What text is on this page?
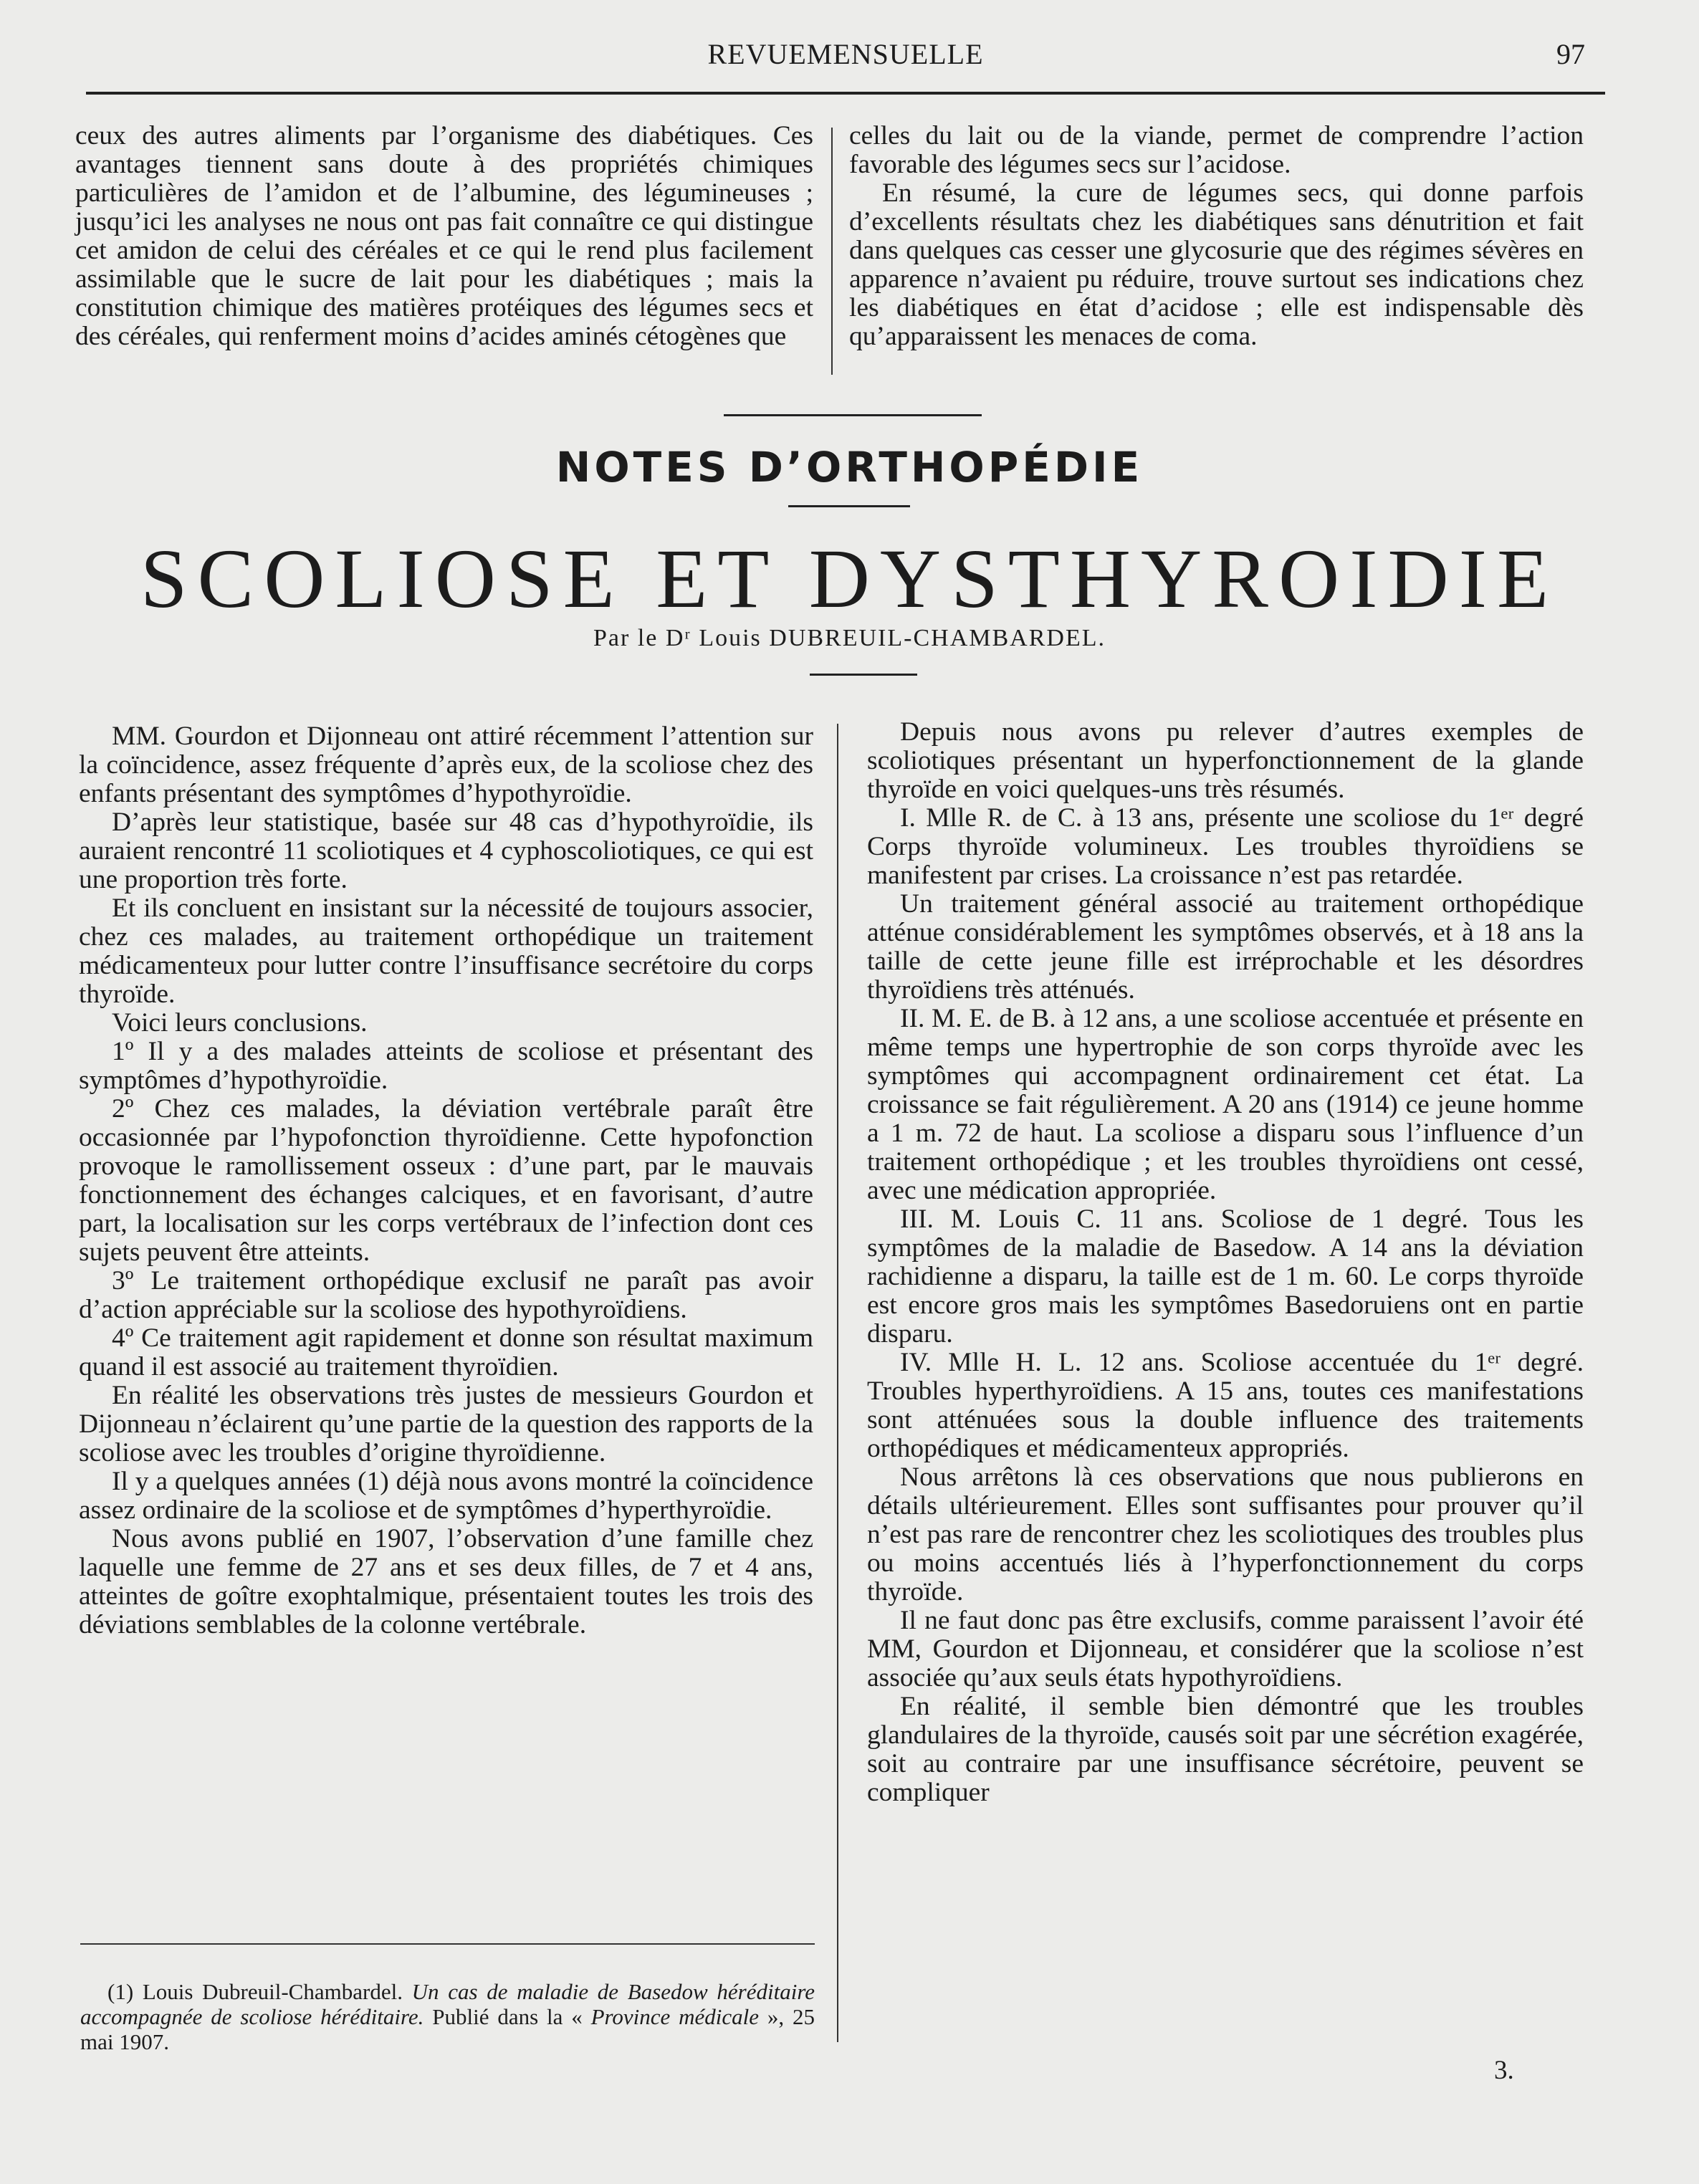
REVUEMENSUELLE	97

ceux des autres aliments par l’organisme des diabétiques. Ces avantages tiennent sans doute à des propriétés chimiques particulières de l’amidon et de l’albumine, des légumineuses ; jusqu’ici les analyses ne nous ont pas fait connaître ce qui distingue cet amidon de celui des céréales et ce qui le rend plus facilement assimilable que le sucre de lait pour les diabétiques ; mais la constitution chimique des matières protéiques des légumes secs et des céréales, qui renferment moins d’acides aminés cétogènes que

celles du lait ou de la viande, permet de comprendre l’action favorable des légumes secs sur l’acidose.

En résumé, la cure de légumes secs, qui donne parfois d’excellents résultats chez les diabétiques sans dénutrition et fait dans quelques cas cesser une glycosurie que des régimes sévères en apparence n’avaient pu réduire, trouve surtout ses indications chez les diabétiques en état d’acidose ; elle est indispensable dès qu’apparaissent les menaces de coma.

NOTES D’ORTHOPÉDIE
SCOLIOSE ET DYSTHYROIDIE
Par le Dʳ Louis DUBREUIL-CHAMBARDEL.

MM. Gourdon et Dijonneau ont attiré récemment l’attention sur la coïncidence, assez fréquente d’après eux, de la scoliose chez des enfants présentant des symptômes d’hypothyroïdie.

D’après leur statistique, basée sur 48 cas d’hypothyroïdie, ils auraient rencontré 11 scoliotiques et 4 cyphoscoliotiques, ce qui est une proportion très forte.

Et ils concluent en insistant sur la nécessité de toujours associer, chez ces malades, au traitement orthopédique un traitement médicamenteux pour lutter contre l’insuffisance secrétoire du corps thyroïde.

Voici leurs conclusions.

1º Il y a des malades atteints de scoliose et présentant des symptômes d’hypothyroïdie.

2º Chez ces malades, la déviation vertébrale paraît être occasionnée par l’hypofonction thyroïdienne. Cette hypofonction provoque le ramollissement osseux : d’une part, par le mauvais fonctionnement des échanges calciques, et en favorisant, d’autre part, la localisation sur les corps vertébraux de l’infection dont ces sujets peuvent être atteints.

3º Le traitement orthopédique exclusif ne paraît pas avoir d’action appréciable sur la scoliose des hypothyroïdiens.

4º Ce traitement agit rapidement et donne son résultat maximum quand il est associé au traitement thyroïdien.

En réalité les observations très justes de messieurs Gourdon et Dijonneau n’éclairent qu’une partie de la question des rapports de la scoliose avec les troubles d’origine thyroïdienne.

Il y a quelques années (1) déjà nous avons montré la coïncidence assez ordinaire de la scoliose et de symptômes d’hyperthyroïdie.

Nous avons publié en 1907, l’observation d’une famille chez laquelle une femme de 27 ans et ses deux filles, de 7 et 4 ans, atteintes de goître exophtalmique, présentaient toutes les trois des déviations semblables de la colonne vertébrale.

Depuis nous avons pu relever d’autres exemples de scoliotiques présentant un hyperfonctionnement de la glande thyroïde en voici quelques-uns très résumés.

I. Mlle R. de C. à 13 ans, présente une scoliose du 1ᵉʳ degré Corps thyroïde volumineux. Les troubles thyroïdiens se manifestent par crises. La croissance n’est pas retardée.

Un traitement général associé au traitement orthopédique atténue considérablement les symptômes observés, et à 18 ans la taille de cette jeune fille est irréprochable et les désordres thyroïdiens très atténués.

II. M. E. de B. à 12 ans, a une scoliose accentuée et présente en même temps une hypertrophie de son corps thyroïde avec les symptômes qui accompagnent ordinairement cet état. La croissance se fait régulièrement. A 20 ans (1914) ce jeune homme a 1 m. 72 de haut. La scoliose a disparu sous l’influence d’un traitement orthopédique ; et les troubles thyroïdiens ont cessé, avec une médication appropriée.

III. M. Louis C. 11 ans. Scoliose de 1 degré. Tous les symptômes de la maladie de Basedow. A 14 ans la déviation rachidienne a disparu, la taille est de 1 m. 60. Le corps thyroïde est encore gros mais les symptômes Basedoruiens ont en partie disparu.

IV. Mlle H. L. 12 ans. Scoliose accentuée du 1ᵉʳ degré. Troubles hyperthyroïdiens. A 15 ans, toutes ces manifestations sont atténuées sous la double influence des traitements orthopédiques et médicamenteux appropriés.

Nous arrêtons là ces observations que nous publierons en détails ultérieurement. Elles sont suffisantes pour prouver qu’il n’est pas rare de rencontrer chez les scoliotiques des troubles plus ou moins accentués liés à l’hyperfonctionnement du corps thyroïde.

Il ne faut donc pas être exclusifs, comme paraissent l’avoir été MM, Gourdon et Dijonneau, et considérer que la scoliose n’est associée qu’aux seuls états hypothyroïdiens.

En réalité, il semble bien démontré que les troubles glandulaires de la thyroïde, causés soit par une sécrétion exagérée, soit au contraire par une insuffisance sécrétoire, peuvent se compliquer

(1) Louis Dubreuil-Chambardel. Un cas de maladie de Basedow héréditaire accompagnée de scoliose héréditaire. Publié dans la « Province médicale », 25 mai 1907.

3.
